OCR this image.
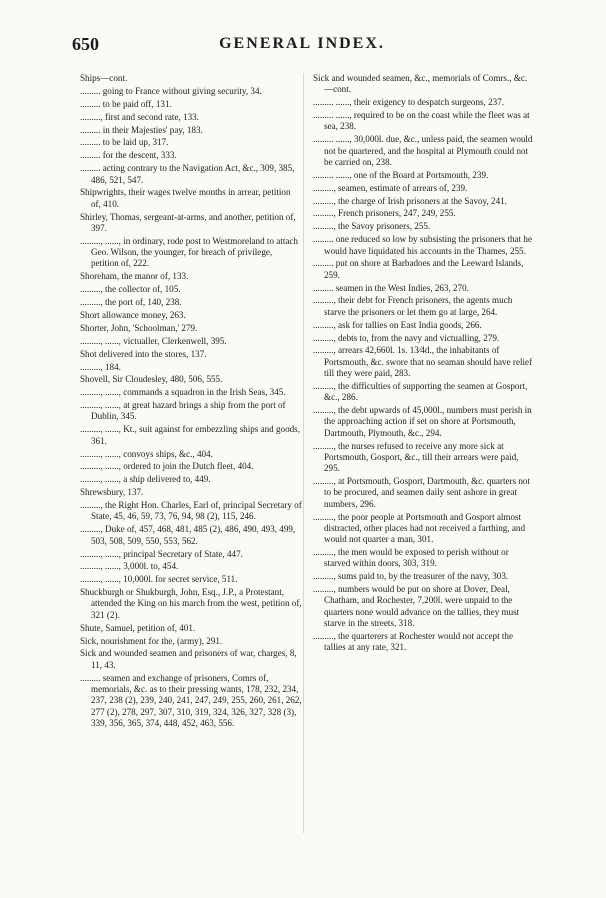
650	GENERAL INDEX.

Ships—cont.

......... going to France without giving security, 34.

......... to be paid off, 131.

........., first and second rate, 133.

......... in their Majesties' pay, 183.

......... to be laid up, 317.

......... for the descent, 333.

......... acting contrary to the Navigation Act, &c., 309, 385, 486, 521, 547.

Shipwrights, their wages twelve months in arrear, petition of, 410.

Shirley, Thomas, sergeant-at-arms, and another, petition of, 397.

........., ......, in ordinary, rode post to Westmoreland to attach Geo. Wilson, the younger, for breach of privilege, petition of, 222.

Shoreham, the manor of, 133.

........., the collector of, 105.

........., the port of, 140, 238.

Short allowance money, 263.

Shorter, John, 'Schoolman,' 279.

........., ......, victualler, Clerkenwell, 395.

Shot delivered into the stores, 137.

........., 184.

Shovell, Sir Cloudesley, 480, 506, 555.

........., ......, commands a squadron in the Irish Seas, 345.

........., ......, at great hazard brings a ship from the port of Dublin, 345.

........., ......, Kt., suit against for embezzling ships and goods, 361.

........., ......, convoys ships, &c., 404.

........., ......, ordered to join the Dutch fleet, 404.

........., ......, a ship delivered to, 449.

Shrewsbury, 137.

........., the Right Hon. Charles, Earl of, principal Secretary of State, 45, 46, 59, 73, 76, 94, 98 (2), 115, 246.

........., Duke of, 457, 468, 481, 485 (2), 486, 490, 493, 499, 503, 508, 509, 550, 553, 562.

........., ......, principal Secretary of State, 447.

........., ......, 3,000l. to, 454.

........., ......, 10,000l. for secret service, 511.

Shuckburgh or Shukburgh, John, Esq., J.P., a Protestant, attended the King on his march from the west, petition of, 321 (2).

Shute, Samuel, petition of, 401.

Sick, nourishment for the, (army), 291.

Sick and wounded seamen and prisoners of war, charges, 8, 11, 43.

......... seamen and exchange of prisoners, Comrs of, memorials, &c. as to their pressing wants, 178, 232, 234, 237, 238 (2), 239, 240, 241, 247, 249, 255, 260, 261, 262, 277 (2), 278, 297, 307, 310, 319, 324, 326, 327, 328 (3), 339, 356, 365, 374, 448, 452, 463, 556.

Sick and wounded seamen, &c., memorials of Comrs., &c.—cont.

......... ......, their exigency to despatch surgeons, 237.

......... ......, required to be on the coast while the fleet was at sea, 238.

......... ......, 30,000l. due, &c., unless paid, the seamen would not be quartered, and the hospital at Plymouth could not be carried on, 238.

......... ......, one of the Board at Portsmouth, 239.

........., seamen, estimate of arrears of, 239.

........., the charge of Irish prisoners at the Savoy, 241.

........., French prisoners, 247, 249, 255.

........., the Savoy prisoners, 255.

......... one reduced so low by subsisting the prisoners that he would have liquidated his accounts in the Thames, 255.

......... put on shore at Barbadoes and the Leeward Islands, 259.

......... seamen in the West Indies, 263, 270.

........., their debt for French prisoners, the agents much starve the prisoners or let them go at large, 264.

........., ask for tallies on East India goods, 266.

........., debts to, from the navy and victualling, 279.

........., arrears 42,660l. 1s. 13⁄4d., the inhabitants of Portsmouth, &c. swore that no seaman should have relief till they were paid, 283.

........., the difficulties of supporting the seamen at Gosport, &c., 286.

........., the debt upwards of 45,000l., numbers must perish in the approaching action if set on shore at Portsmouth, Dartmouth, Plymouth, &c., 294.

........., the nurses refused to receive any more sick at Portsmouth, Gosport, &c., till their arrears were paid, 295.

........., at Portsmouth, Gosport, Dartmouth, &c. quarters not to be procured, and seamen daily sent ashore in great numbers, 296.

........., the poor people at Portsmouth and Gosport almost distracted, other places had not received a farthing, and would not quarter a man, 301.

........., the men would be exposed to perish without or starved within doors, 303, 319.

........., sums paid to, by the treasurer of the navy, 303.

........., numbers would be put on shore at Dover, Deal, Chatham, and Rochester, 7,200l. were unpaid to the quarters none would advance on the tallies, they must starve in the streets, 318.

........., the quarterers at Rochester would not accept the tallies at any rate, 321.
